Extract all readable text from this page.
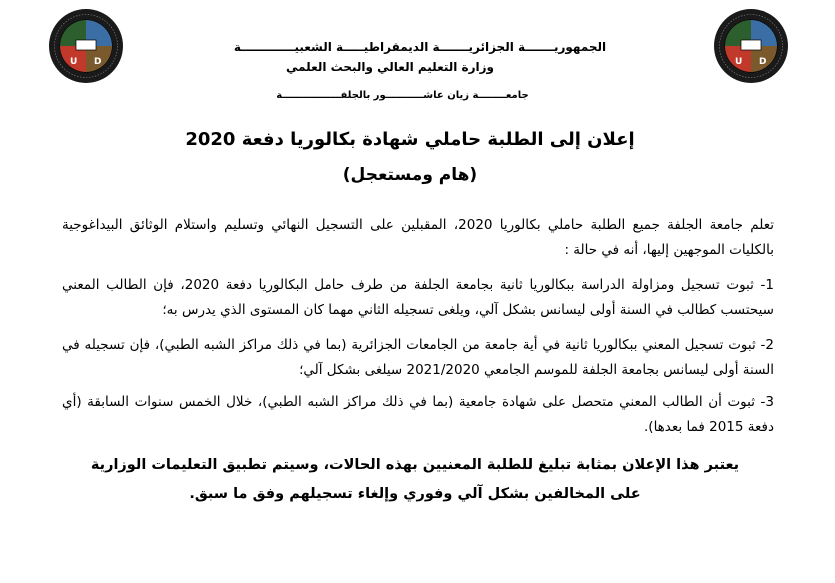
U D	U D
الجمهوريـــــــة الجزائريـــــــة الديمقراطيـــــة الشعبيـــــــــــــة
وزارة التعليم العالي والبحث العلمي
جامعــــــــة زيان عاشـــــــــــور بالجلفـــــــــــــــــة
إعلان إلى الطلبة حاملي شهادة بكالوريا دفعة 2020
(هام ومستعجل)
تعلم جامعة الجلفة جميع الطلبة حاملي بكالوريا 2020، المقبلين على التسجيل النهائي وتسليم واستلام الوثائق البيداغوجية بالكليات الموجهين إليها، أنه في حالة :
1- ثبوت تسجيل ومزاولة الدراسة ببكالوريا ثانية بجامعة الجلفة من طرف حامل البكالوريا دفعة 2020، فإن الطالب المعني سيحتسب كطالب في السنة أولى ليسانس بشكل آلي، ويلغى تسجيله الثاني مهما كان المستوى الذي يدرس به؛
2- ثبوت تسجيل المعني ببكالوريا ثانية في أية جامعة من الجامعات الجزائرية (بما في ذلك مراكز الشبه الطبي)، فإن تسجيله في السنة أولى ليسانس بجامعة الجلفة للموسم الجامعي 2021/2020 سيلغى بشكل آلي؛
3- ثبوت أن الطالب المعني متحصل على شهادة جامعية (بما في ذلك مراكز الشبه الطبي)، خلال الخمس سنوات السابقة (أي دفعة 2015 فما بعدها).
يعتبر هذا الإعلان بمثابة تبليغ للطلبة المعنيين بهذه الحالات، وسيتم تطبيق التعليمات الوزارية على المخالفين بشكل آلي وفوري وإلغاء تسجيلهم وفق ما سبق.
